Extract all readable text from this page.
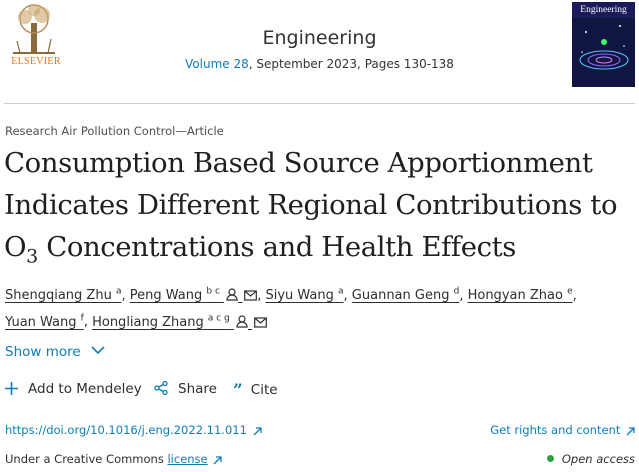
ELSEVIER
Engineering
Volume 28, September 2023, Pages 130-138
Engineering
Research Air Pollution Control—Article
Consumption Based Source Apportionment
Indicates Different Regional Contributions to
$O_3$ Concentrations and Health Effects
Shengqiang Zhu $^a$, Peng Wang $^{b c}$	, Siyu Wang $^a$, Guannan Geng $^d$, Hongyan Zhao $^e$,
Yuan Wang $^f$, Hongliang Zhang $^{a c g}$
Show more
Add to Mendeley	Share ” Cite
https://doi.org/10.1016/j.eng.2022.11.011	Get rights and content
Under a Creative Commons license	Open access
